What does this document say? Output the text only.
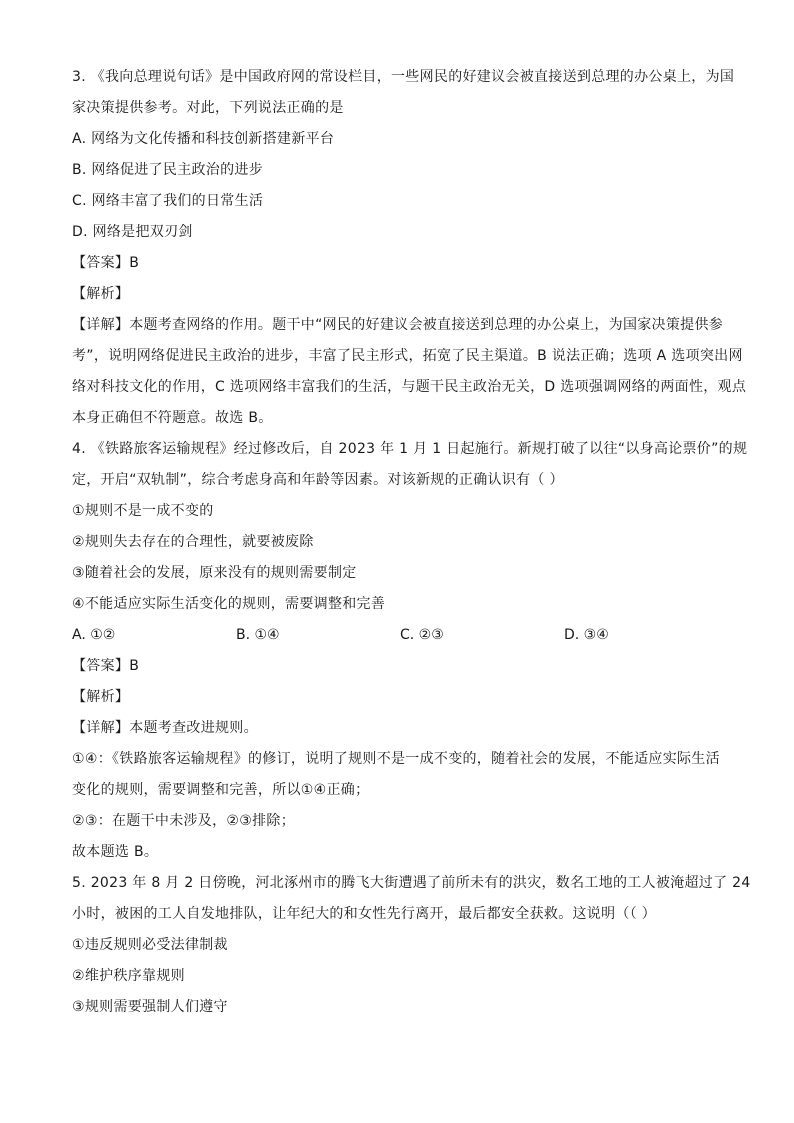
3. 《我向总理说句话》是中国政府网的常设栏目，一些网民的好建议会被直接送到总理的办公桌上，为国
家决策提供参考。对此，下列说法正确的是
A. 网络为文化传播和科技创新搭建新平台
B. 网络促进了民主政治的进步
C. 网络丰富了我们的日常生活
D. 网络是把双刃剑
【答案】B
【解析】
【详解】本题考查网络的作用。题干中“网民的好建议会被直接送到总理的办公桌上，为国家决策提供参
考”，说明网络促进民主政治的进步，丰富了民主形式，拓宽了民主渠道。B 说法正确；选项 A 选项突出网
络对科技文化的作用，C 选项网络丰富我们的生活，与题干民主政治无关，D 选项强调网络的两面性，观点
本身正确但不符题意。故选 B。
4. 《铁路旅客运输规程》经过修改后，自 2023 年 1 月 1 日起施行。新规打破了以往“以身高论票价”的规
定，开启“双轨制”，综合考虑身高和年龄等因素。对该新规的正确认识有（ ）
①规则不是一成不变的
②规则失去存在的合理性，就要被废除
③随着社会的发展，原来没有的规则需要制定
④不能适应实际生活变化的规则，需要调整和完善
A. ①②	B. ①④	C. ②③	D. ③④
【答案】B
【解析】
【详解】本题考查改进规则。
①④：《铁路旅客运输规程》的修订，说明了规则不是一成不变的，随着社会的发展，不能适应实际生活
变化的规则，需要调整和完善，所以①④正确；
②③：在题干中未涉及，②③排除；
故本题选 B。
5. 2023 年 8 月 2 日傍晚，河北涿州市的腾飞大街遭遇了前所未有的洪灾，数名工地的工人被淹超过了 24
小时，被困的工人自发地排队，让年纪大的和女性先行离开，最后都安全获救。这说明（（ ）
①违反规则必受法律制裁
②维护秩序靠规则
③规则需要强制人们遵守
